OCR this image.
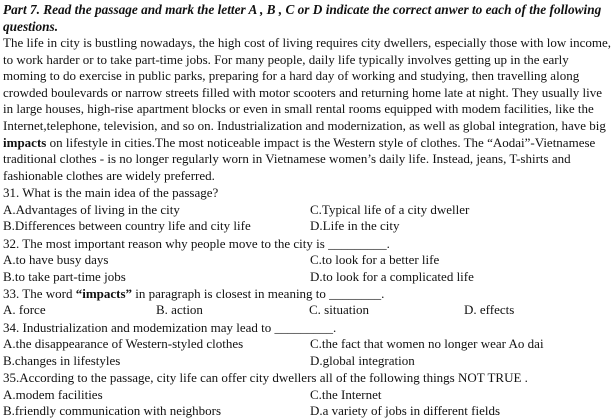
Part 7. Read the passage and mark the letter A , B , C or D indicate the correct anwer to each of the following questions.

The life in city is bustling nowadays, the high cost of living requires city dwellers, especially those with low income, to work harder or to take part-time jobs. For many people, daily life typically involves getting up in the early moming to do exercise in public parks, preparing for a hard day of working and studying, then travelling along crowded boulevards or narrow streets filled with motor scooters and returning home late at night. They usually live in large houses, high-rise apartment blocks or even in small rental rooms equipped with modem facilities, like the Internet,telephone, television, and so on. Industrialization and modernization, as well as global integration, have big impacts on lifestyle in cities.The most noticeable impact is the Western style of clothes. The “Aodai”-Vietnamese traditional clothes - is no longer regularly worn in Vietnamese women’s daily life. Instead, jeans, T-shirts and fashionable clothes are widely preferred.

31. What is the main idea of the passage?

A.Advantages of living in the city	C.Typical life of a city dweller
B.Differences between country life and city life	D.Life in the city

32. The most important reason why people move to the city is _________.

A.to have busy days	C.to look for a better life
B.to take part-time jobs	D.to look for a complicated life

33. The word “impacts” in paragraph is closest in meaning to ________.

A. force	B. action	C. situation	D. effects

34. Industrialization and modemization may lead to _________.

A.the disappearance of Western-styled clothes	C.the fact that women no longer wear Ao dai
B.changes in lifestyles	D.global integration

35.According to the passage, city life can offer city dwellers all of the following things NOT TRUE .

A.modem facilities	C.the Internet
B.friendly communication with neighbors	D.a variety of jobs in different fields
